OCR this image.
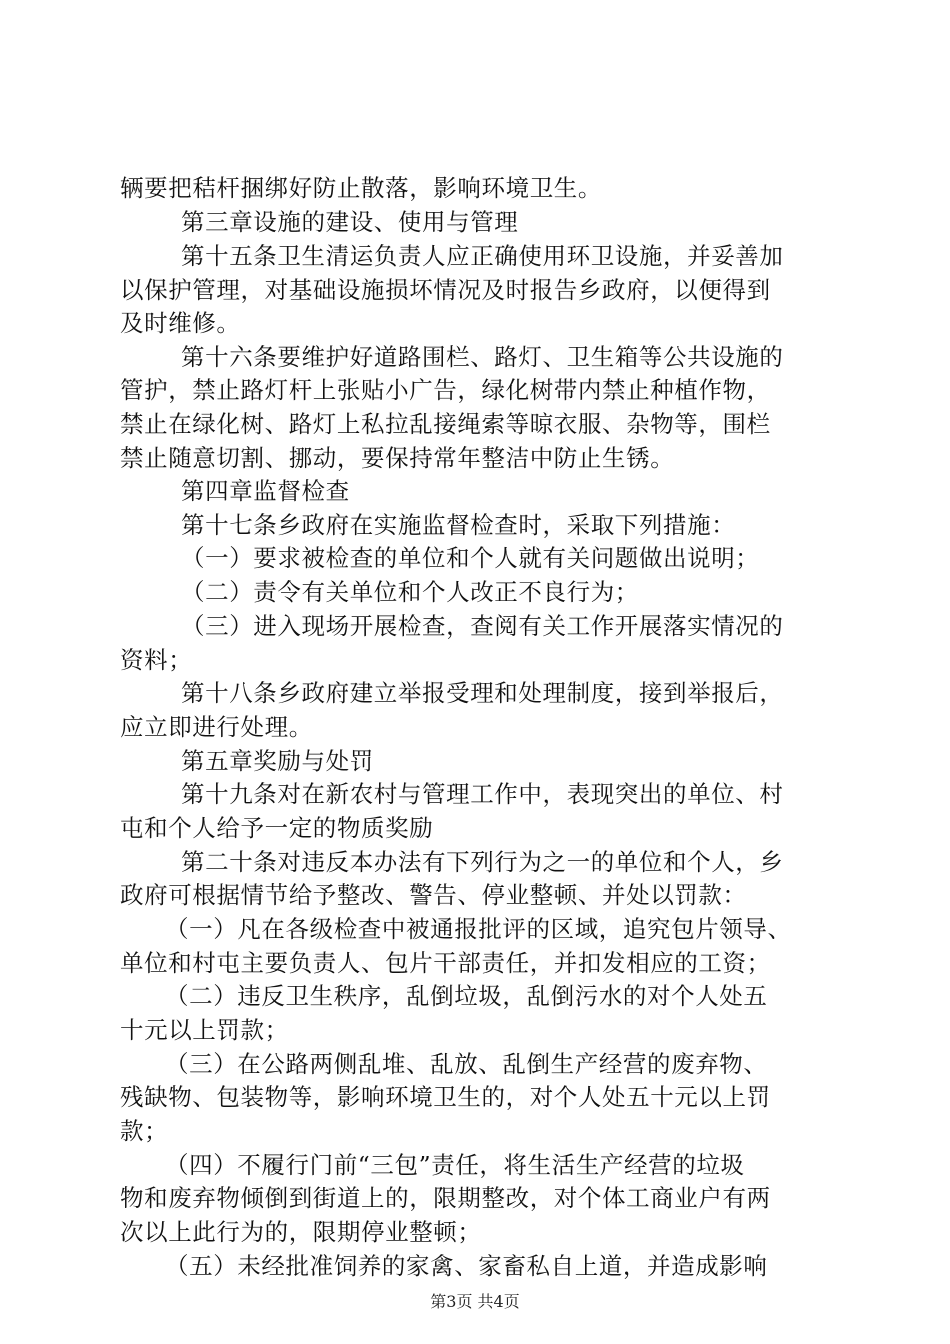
辆要把秸杆捆绑好防止散落，影响环境卫生。
第三章设施的建设、使用与管理
第十五条卫生清运负责人应正确使用环卫设施，并妥善加
以保护管理，对基础设施损坏情况及时报告乡政府，以便得到
及时维修。
第十六条要维护好道路围栏、路灯、卫生箱等公共设施的
管护，禁止路灯杆上张贴小广告，绿化树带内禁止种植作物，
禁止在绿化树、路灯上私拉乱接绳索等晾衣服、杂物等，围栏
禁止随意切割、挪动，要保持常年整洁中防止生锈。
第四章监督检查
第十七条乡政府在实施监督检查时，采取下列措施：
（一）要求被检查的单位和个人就有关问题做出说明；
（二）责令有关单位和个人改正不良行为；
（三）进入现场开展检查，查阅有关工作开展落实情况的
资料；
第十八条乡政府建立举报受理和处理制度，接到举报后，
应立即进行处理。
第五章奖励与处罚
第十九条对在新农村与管理工作中，表现突出的单位、村
屯和个人给予一定的物质奖励
第二十条对违反本办法有下列行为之一的单位和个人，乡
政府可根据情节给予整改、警告、停业整顿、并处以罚款：
（一）凡在各级检查中被通报批评的区域，追究包片领导、
单位和村屯主要负责人、包片干部责任，并扣发相应的工资；
（二）违反卫生秩序，乱倒垃圾，乱倒污水的对个人处五
十元以上罚款；
（三）在公路两侧乱堆、乱放、乱倒生产经营的废弃物、
残缺物、包装物等，影响环境卫生的，对个人处五十元以上罚
款；
（四）不履行门前“三包”责任，将生活生产经营的垃圾
物和废弃物倾倒到街道上的，限期整改，对个体工商业户有两
次以上此行为的，限期停业整顿；
（五）未经批准饲养的家禽、家畜私自上道，并造成影响
第3页 共4页
